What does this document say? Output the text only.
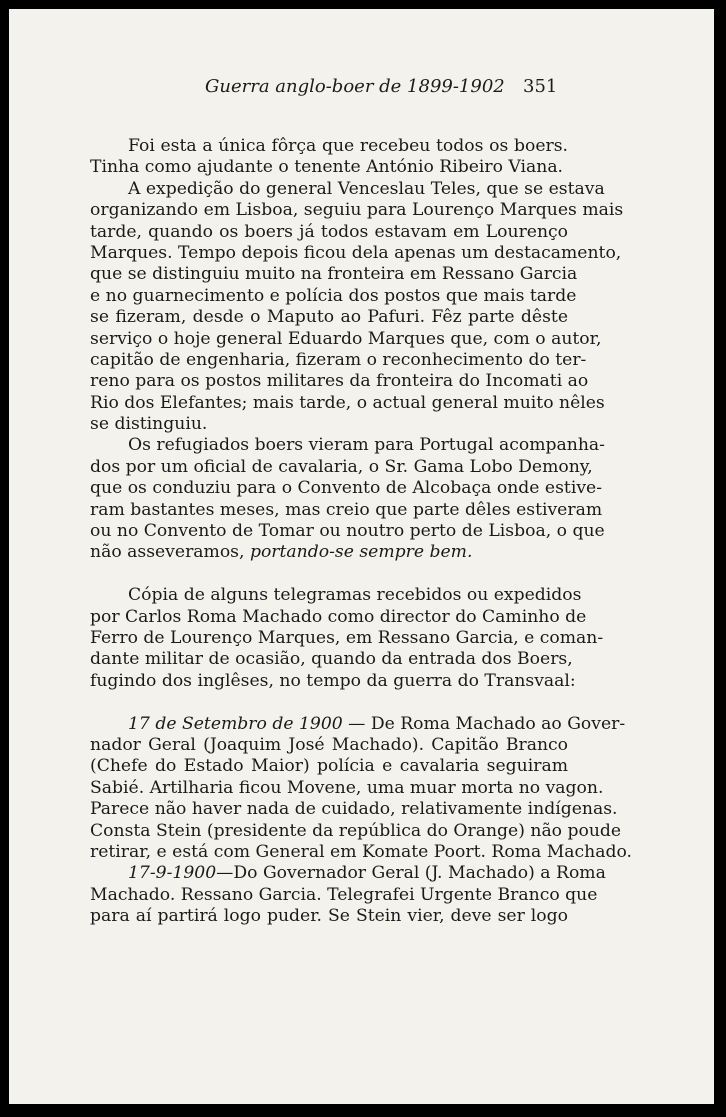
Guerra anglo-boer de 1899-1902 351
Foi esta a única fôrça que recebeu todos os boers.
Tinha como ajudante o tenente António Ribeiro Viana.
A expedição do general Venceslau Teles, que se estava
organizando em Lisboa, seguiu para Lourenço Marques mais
tarde, quando os boers já todos estavam em Lourenço
Marques. Tempo depois ficou dela apenas um destacamento,
que se distinguiu muito na fronteira em Ressano Garcia
e no guarnecimento e polícia dos postos que mais tarde
se fizeram, desde o Maputo ao Pafuri. Fêz parte dêste
serviço o hoje general Eduardo Marques que, com o autor,
capitão de engenharia, fizeram o reconhecimento do ter-
reno para os postos militares da fronteira do Incomati ao
Rio dos Elefantes; mais tarde, o actual general muito nêles
se distinguiu.
Os refugiados boers vieram para Portugal acompanha-
dos por um oficial de cavalaria, o Sr. Gama Lobo Demony,
que os conduziu para o Convento de Alcobaça onde estive-
ram bastantes meses, mas creio que parte dêles estiveram
ou no Convento de Tomar ou noutro perto de Lisboa, o que
não asseveramos, portando-se sempre bem.
Cópia de alguns telegramas recebidos ou expedidos
por Carlos Roma Machado como director do Caminho de
Ferro de Lourenço Marques, em Ressano Garcia, e coman-
dante militar de ocasião, quando da entrada dos Boers,
fugindo dos inglêses, no tempo da guerra do Transvaal:
17 de Setembro de 1900 — De Roma Machado ao Gover-
nador Geral (Joaquim José Machado). Capitão Branco
(Chefe do Estado Maior) polícia e cavalaria seguiram
Sabié. Artilharia ficou Movene, uma muar morta no vagon.
Parece não haver nada de cuidado, relativamente indígenas.
Consta Stein (presidente da república do Orange) não poude
retirar, e está com General em Komate Poort. Roma Machado.
17-9-1900—Do Governador Geral (J. Machado) a Roma
Machado. Ressano Garcia. Telegrafei Urgente Branco que
para aí partirá logo puder. Se Stein vier, deve ser logo
